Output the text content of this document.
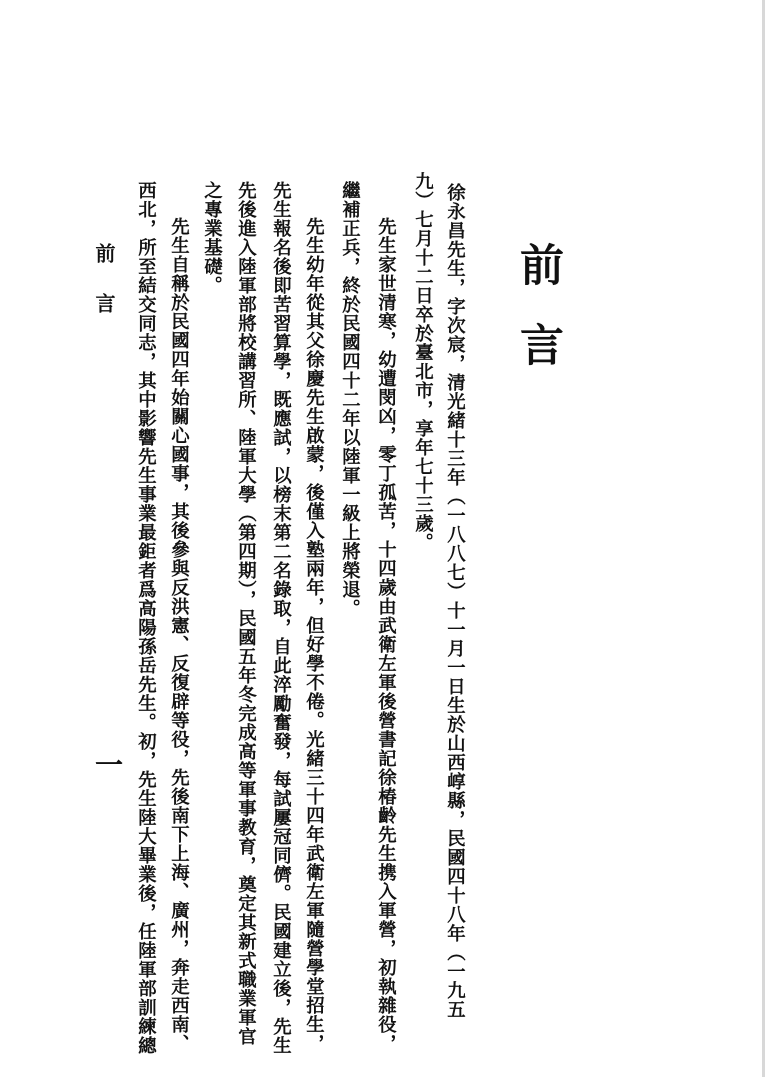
前言
徐永昌先生，字次宸，清光緒十三年（一八八七）十一月一日生於山西崞縣，民國四十八年（一九五
九）七月十二日卒於臺北市，享年七十三歲。
　先生家世清寒，幼遭閔凶，零丁孤苦，十四歲由武衛左軍後營書記徐椿齡先生携入軍營，初執雜役，
繼補正兵，終於民國四十二年以陸軍一級上將榮退。
　先生幼年從其父徐慶先生啟蒙，後僅入塾兩年，但好學不倦。光緒三十四年武衛左軍隨營學堂招生，
先生報名後即苦習算學，既應試，以榜末第二名錄取，自此淬勵奮發，每試屢冠同儕。民國建立後，先生
先後進入陸軍部將校講習所、陸軍大學（第四期），民國五年冬完成高等軍事教育，奠定其新式職業軍官
之專業基礎。
　先生自稱於民國四年始關心國事，其後參與反洪憲、反復辟等役，先後南下上海、廣州，奔走西南、
西北，所至結交同志，其中影響先生事業最鉅者爲高陽孫岳先生。初，先生陸大畢業後，任陸軍部訓練總
前言
一
